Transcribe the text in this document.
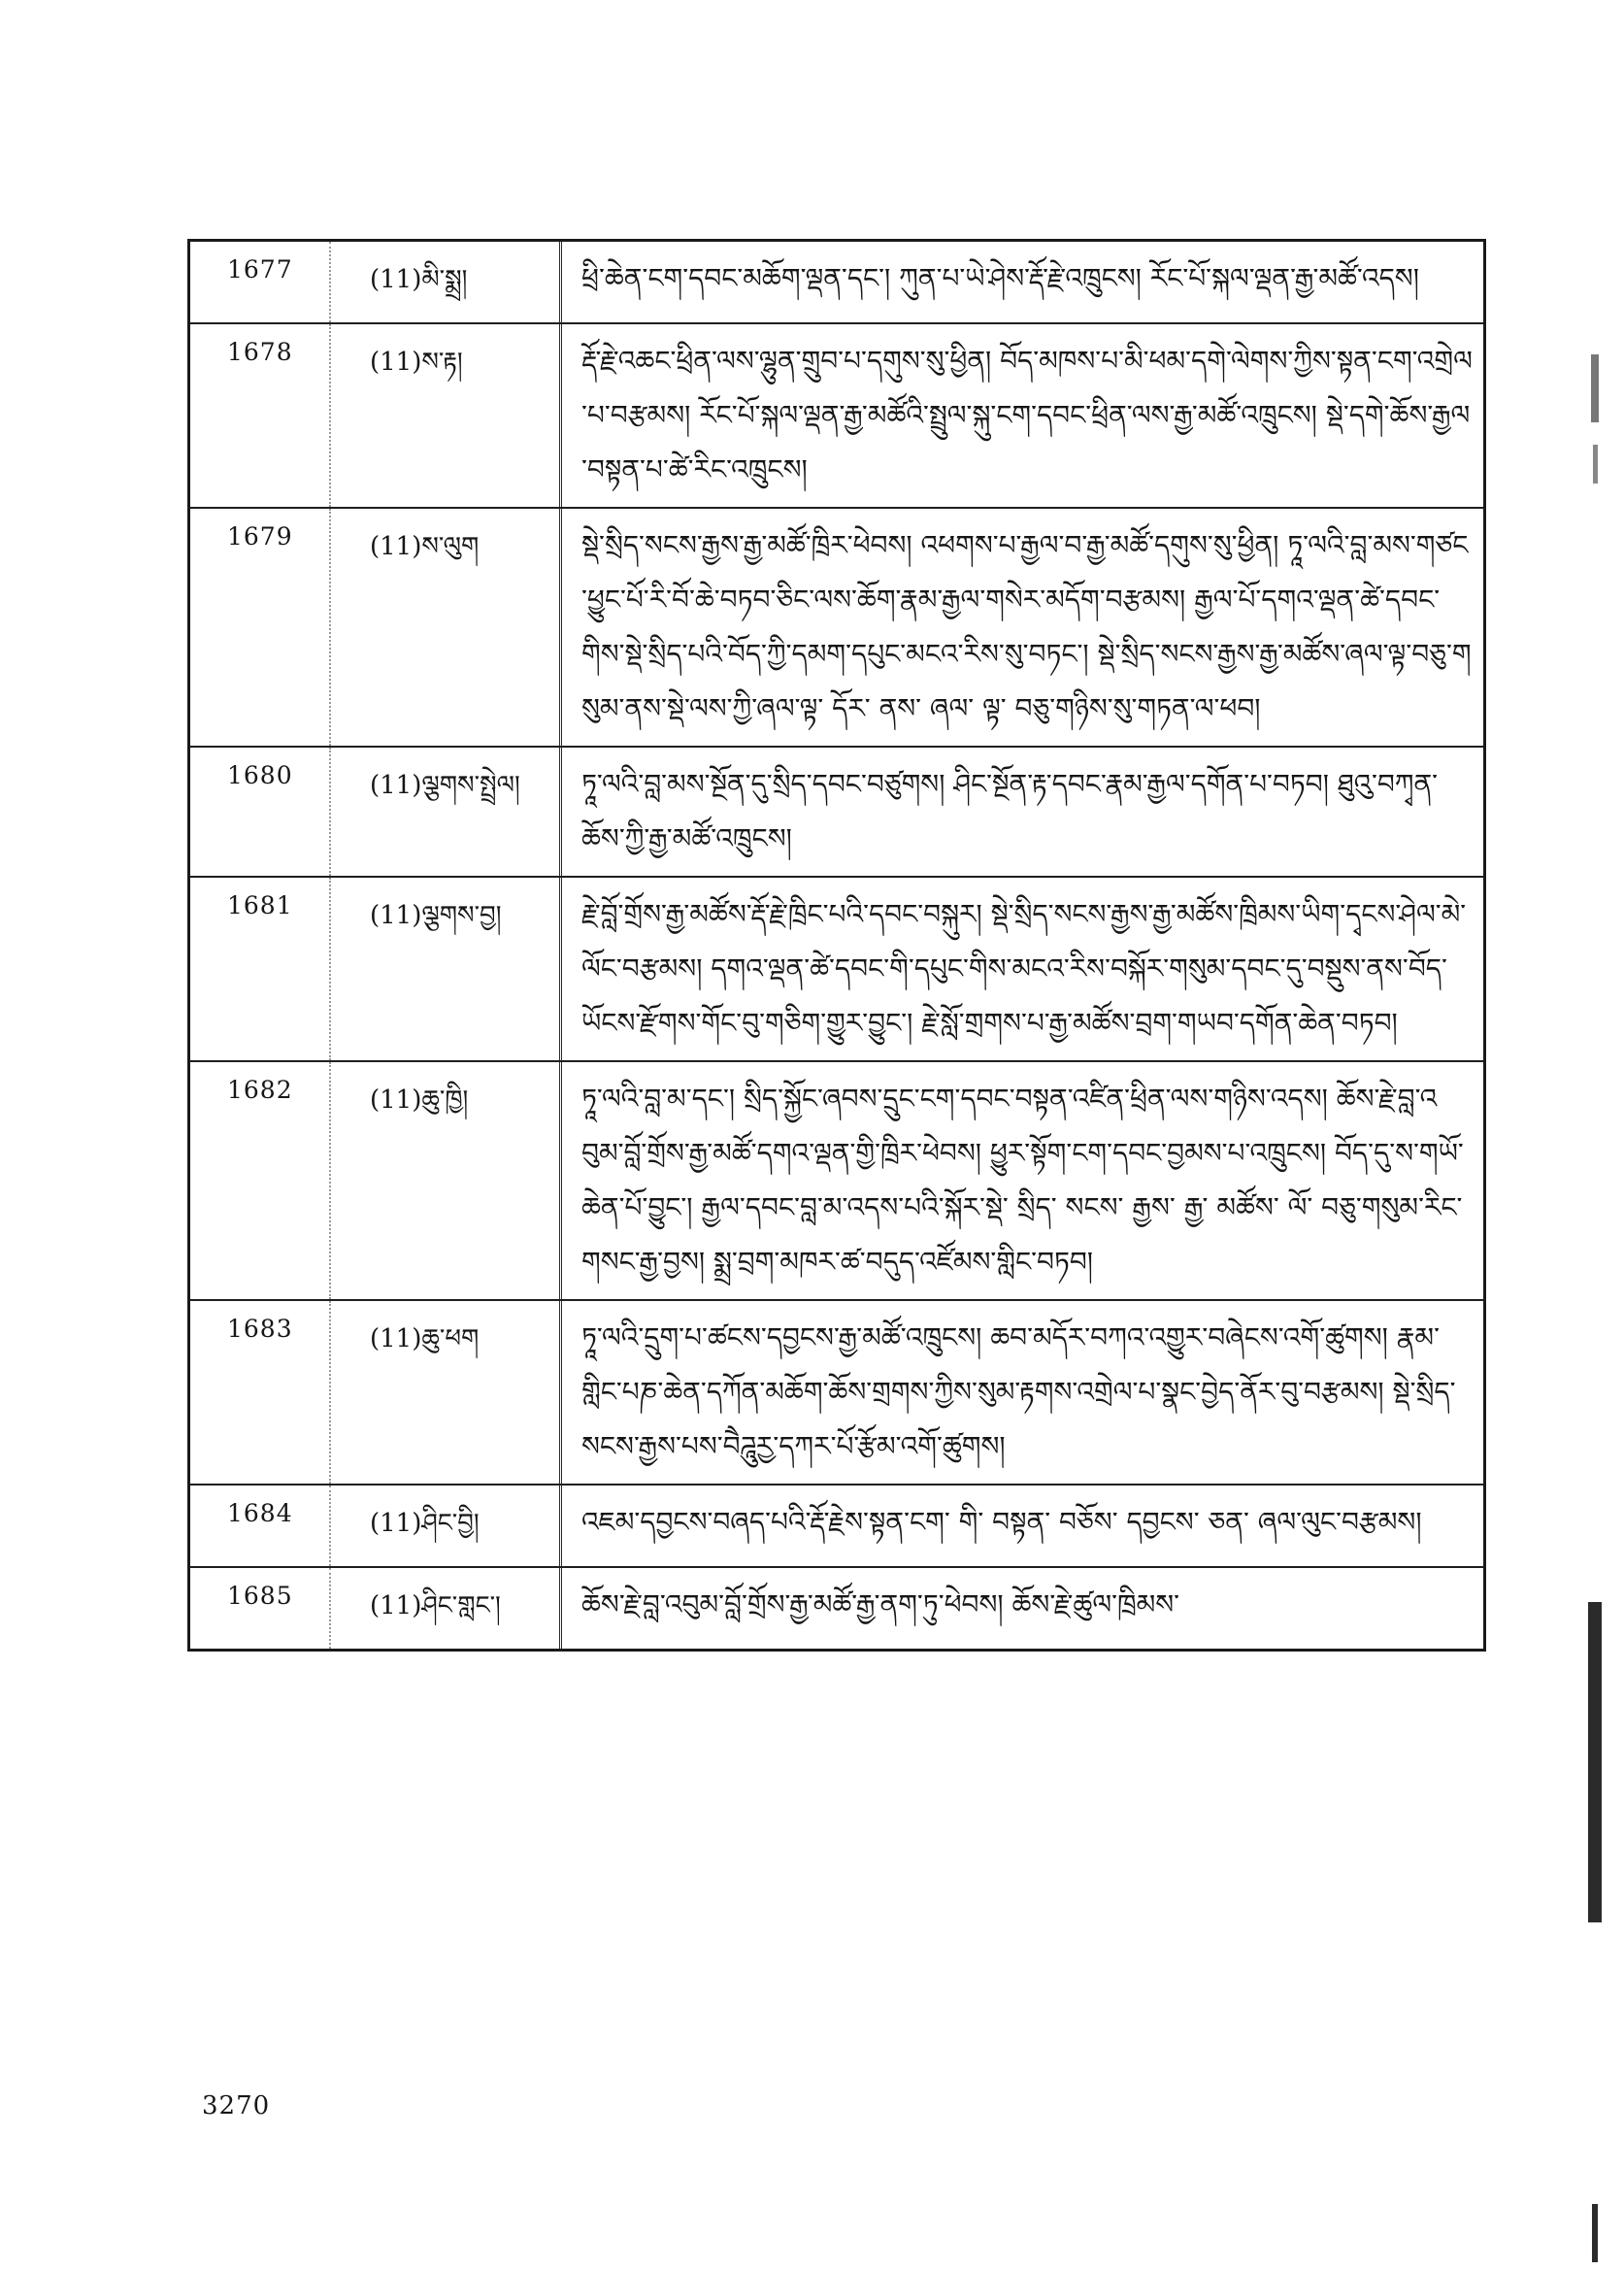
1677	(11)མི་སྨྲ།	ཕྲི་ཆེན་ངག་དབང་མཆོག་ལྡན་དང་། ཀུན་པ་ཡེ་ཤེས་རྡོ་རྗེ་འཁྲུངས། རོང་པོ་སྐལ་ལྡན་རྒྱ་མཚོ་འདས།
1678	(11)ས་རྟ།	རྡོ་རྗེ་འཆང་ཕྲིན་ལས་ལྷུན་གྲུབ་པ་དགུས་སུ་ཕྱིན། བོད་མཁས་པ་མི་ཕམ་དགེ་ལེགས་ཀྱིས་སྟན་ངག་འགྲེལ་པ་བརྩམས། རོང་པོ་སྐལ་ལྡན་རྒྱ་མཚོའི་སྤྲུལ་སྐུ་ངག་དབང་ཕྲིན་ལས་རྒྱ་མཚོ་འཁྲུངས། སྡེ་དགེ་ཆོས་རྒྱལ་བསྟན་པ་ཚེ་རིང་འཁྲུངས།
1679	(11)ས་ལུག	སྡེ་སྲིད་སངས་རྒྱས་རྒྱ་མཚོ་ཁྲིར་ཕེབས། འཕགས་པ་རྒྱལ་བ་རྒྱ་མཚོ་དགུས་སུ་ཕྱིན། ཏཱ་ལའི་བླ་མས་གཙང་ཕྱུང་པོ་རི་བོ་ཆེ་བཏབ་ཅིང་ལས་ཆོག་རྣམ་རྒྱལ་གསེར་མདོག་བརྩམས། རྒྱལ་པོ་དགའ་ལྡན་ཚེ་དབང་གིས་སྡེ་སྲིད་པའི་བོད་ཀྱི་དམག་དཔུང་མངའ་རིས་སུ་བཏང་། སྡེ་སྲིད་སངས་རྒྱས་རྒྱ་མཚོས་ཞལ་ལྟ་བཅུ་གསུམ་ནས་སྡེ་ལས་ཀྱི་ཞལ་ལྟ་ དོར་ ནས་ ཞལ་ ལྟ་ བཅུ་གཉིས་སུ་གཏན་ལ་ཕབ།
1680	(11)ལྕགས་སྤྲེལ།	ཏཱ་ལའི་བླ་མས་སྔོན་དུ་སྲིད་དབང་བཙུགས། ཤིང་སྔོན་རྟ་དབང་རྣམ་རྒྱལ་དགོན་པ་བཏབ། ཐུའུ་བཀྭན་ཆོས་ཀྱི་རྒྱ་མཚོ་འཁྲུངས།
1681	(11)ལྕགས་བྱ།	རྗེ་བློ་གྲོས་རྒྱ་མཚོས་རྡོ་རྗེ་ཁྲིང་པའི་དབང་བསྐུར། སྡེ་སྲིད་སངས་རྒྱས་རྒྱ་མཚོས་ཁྲིམས་ཡིག་དྭངས་ཤེལ་མེ་ལོང་བརྩམས། དགའ་ལྡན་ཚེ་དབང་གི་དཔུང་གིས་མངའ་རིས་བསྐོར་གསུམ་དབང་དུ་བསྡུས་ནས་བོད་ཡོངས་རྫོགས་གོང་བུ་གཅིག་གྱུར་བྱུང་། རྗེ་སློ་གྲགས་པ་རྒྱ་མཚོས་བྲག་གཡབ་དགོན་ཆེན་བཏབ།
1682	(11)ཆུ་ཁྱི།	ཏཱ་ལའི་བླ་མ་དང་། སྲིད་སྐྱོང་ཞབས་དྲུང་ངག་དབང་བསྟན་འཛིན་ཕྲིན་ལས་གཉིས་འདས། ཆོས་རྗེ་བླ་འབུམ་བློ་གྲོས་རྒྱ་མཚོ་དགའ་ལྡན་གྱི་ཁྲིར་ཕེབས། ཕྱུར་སྟོག་ངག་དབང་བྱམས་པ་འཁྲུངས། བོད་དུ་ས་གཡོ་ཆེན་པོ་བྱུང་། རྒྱལ་དབང་བླ་མ་འདས་པའི་སྐོར་སྡེ་ སྲིད་ སངས་ རྒྱས་ རྒྱ་ མཚོས་ ལོ་ བཅུ་གསུམ་རིང་གསང་རྒྱ་བྱས། སྨྲ་བྲག་མཁར་ཚ་བདུད་འཛོམས་གླིང་བཏབ།
1683	(11)ཆུ་ཕག	ཏཱ་ལའི་དྲུག་པ་ཚངས་དབྱངས་རྒྱ་མཚོ་འཁྲུངས། ཆབ་མདོར་བཀའ་འགྱུར་བཞེངས་འགོ་ཚུགས། རྣམ་གླིང་པཎ་ཆེན་དཀོན་མཆོག་ཆོས་གྲགས་ཀྱིས་སུམ་རྟགས་འགྲེལ་པ་སྣང་བྱེད་ནོར་བུ་བརྩམས། སྡེ་སྲིད་སངས་རྒྱས་པས་བཻཌཱུརྱ་དཀར་པོ་རྩོམ་འགོ་ཚུགས།
1684	(11)ཤིང་བྱི།	འཇམ་དབྱངས་བཞད་པའི་རྡོ་རྗེས་སྟན་ངག་ གི་ བསྟན་ བཅོས་ དབྱངས་ ཅན་ ཞལ་ལུང་བརྩམས།
1685	(11)ཤིང་གླང་།	ཆོས་རྗེ་བླ་འབུམ་བློ་གྲོས་རྒྱ་མཚོ་རྒྱ་ནག་ཏུ་ཕེབས། ཆོས་རྗེ་ཚུལ་ཁྲིམས་
3270
